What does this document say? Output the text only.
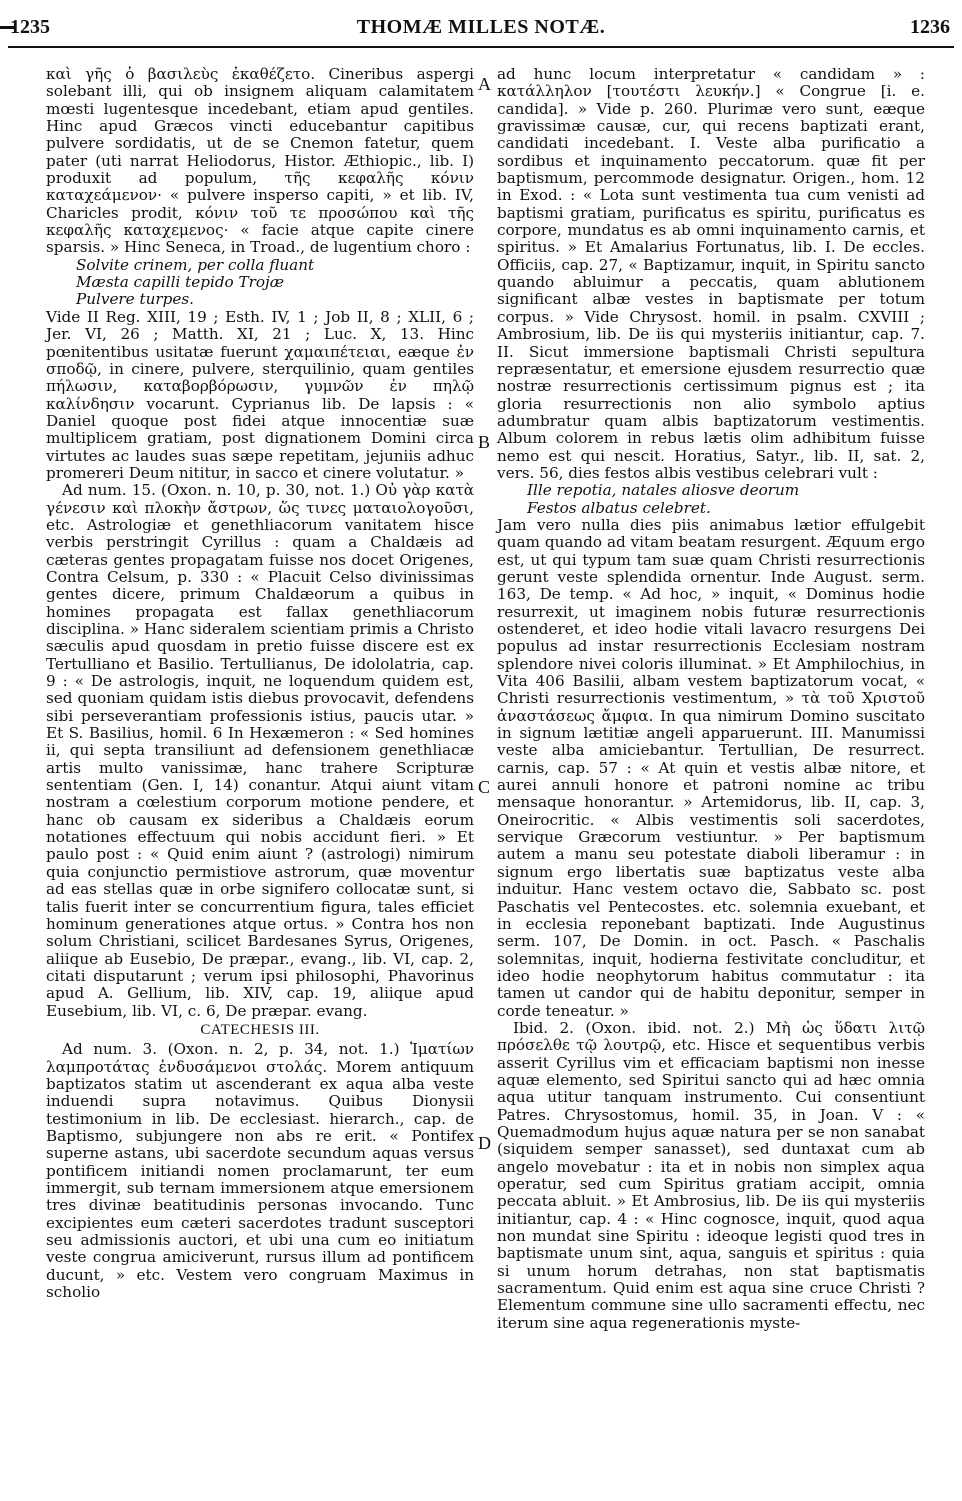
1235	THOMÆ MILLES NOTÆ.	1236
A
B
C
D

καὶ γῆς ὁ βασιλεὺς ἐκαθέζετο. Cineribus aspergi solebant illi, qui ob insignem aliquam calamitatem mœsti lugentesque incedebant, etiam apud gentiles. Hinc apud Græcos vincti educebantur capitibus pulvere sordidatis, ut de se Cnemon fatetur, quem pater (uti narrat Heliodorus, Histor. Æthiopic., lib. I) produxit ad populum, τῆς κεφαλῆς κόνιν καταχεάμενον· « pulvere insperso capiti, » et lib. IV, Charicles prodit, κόνιν τοῦ τε προσώπου καὶ τῆς κεφαλῆς καταχεμενος· « facie atque capite cinere sparsis. » Hinc Seneca, in Troad., de lugentium choro :

Solvite crinem, per colla fluant
Mæsta capilli tepido Trojæ
Pulvere turpes.

Vide II Reg. XIII, 19 ; Esth. IV, 1 ; Job II, 8 ; XLII, 6 ; Jer. VI, 26 ; Matth. XI, 21 ; Luc. X, 13. Hinc pœnitentibus usitatæ fuerunt χαμαιπέτειαι, eæque ἐν σποδῷ, in cinere, pulvere, sterquilinio, quam gentiles πήλωσιν, καταβορβόρωσιν, γυμνῶν ἐν πηλῷ καλίνδησιν vocarunt. Cyprianus lib. De lapsis : « Daniel quoque post fidei atque innocentiæ suæ multiplicem gratiam, post dignationem Domini circa virtutes ac laudes suas sæpe repetitam, jejuniis adhuc promereri Deum nititur, in sacco et cinere volutatur. »

Ad num. 15. (Oxon. n. 10, p. 30, not. 1.) Οὐ γὰρ κατὰ γένεσιν καὶ πλοκὴν ἄστρων, ὥς τινες ματαιολογοῦσι, etc. Astrologiæ et genethliacorum vanitatem hisce verbis perstringit Cyrillus : quam a Chaldæis ad cæteras gentes propagatam fuisse nos docet Origenes, Contra Celsum, p. 330 : « Placuit Celso divinissimas gentes dicere, primum Chaldæorum a quibus in homines propagata est fallax genethliacorum disciplina. » Hanc sideralem scientiam primis a Christo sæculis apud quosdam in pretio fuisse discere est ex Tertulliano et Basilio. Tertullianus, De idololatria, cap. 9 : « De astrologis, inquit, ne loquendum quidem est, sed quoniam quidam istis diebus provocavit, defendens sibi perseverantiam professionis istius, paucis utar. » Et S. Basilius, homil. 6 In Hexæmeron : « Sed homines ii, qui septa transiliunt ad defensionem genethliacæ artis multo vanissimæ, hanc trahere Scripturæ sententiam (Gen. I, 14) conantur. Atqui aiunt vitam nostram a cœlestium corporum motione pendere, et hanc ob causam ex sideribus a Chaldæis eorum notationes effectuum qui nobis accidunt fieri. » Et paulo post : « Quid enim aiunt ? (astrologi) nimirum quia conjunctio permistiove astrorum, quæ moventur ad eas stellas quæ in orbe signifero collocatæ sunt, si talis fuerit inter se concurrentium figura, tales efficiet hominum generationes atque ortus. » Contra hos non solum Christiani, scilicet Bardesanes Syrus, Origenes, aliique ab Eusebio, De præpar., evang., lib. VI, cap. 2, citati disputarunt ; verum ipsi philosophi, Phavorinus apud A. Gellium, lib. XIV, cap. 19, aliique apud Eusebium, lib. VI, c. 6, De præpar. evang.

CATECHESIS III.

Ad num. 3. (Oxon. n. 2, p. 34, not. 1.) Ἱματίων λαμπροτάτας ἐνδυσάμενοι στολάς. Morem antiquum baptizatos statim ut ascenderant ex aqua alba veste induendi supra notavimus. Quibus Dionysii testimonium in lib. De ecclesiast. hierarch., cap. de Baptismo, subjungere non abs re erit. « Pontifex superne astans, ubi sacerdote secundum aquas versus pontificem initiandi nomen proclamarunt, ter eum immergit, sub ternam immersionem atque emersionem tres divinæ beatitudinis personas invocando. Tunc excipientes eum cæteri sacerdotes tradunt susceptori seu admissionis auctori, et ubi una cum eo initiatum veste congrua amiciverunt, rursus illum ad pontificem ducunt, » etc. Vestem vero congruam Maximus in scholio

ad hunc locum interpretatur « candidam » : κατάλληλον [τουτέστι λευκήν.] « Congrue [i. e. candida]. » Vide p. 260. Plurimæ vero sunt, eæque gravissimæ causæ, cur, qui recens baptizati erant, candidati incedebant. I. Veste alba purificatio a sordibus et inquinamento peccatorum. quæ fit per baptismum, percommode designatur. Origen., hom. 12 in Exod. : « Lota sunt vestimenta tua cum venisti ad baptismi gratiam, purificatus es spiritu, purificatus es corpore, mundatus es ab omni inquinamento carnis, et spiritus. » Et Amalarius Fortunatus, lib. I. De eccles. Officiis, cap. 27, « Baptizamur, inquit, in Spiritu sancto quando abluimur a peccatis, quam ablutionem significant albæ vestes in baptismate per totum corpus. » Vide Chrysost. homil. in psalm. CXVIII ; Ambrosium, lib. De iis qui mysteriis initiantur, cap. 7. II. Sicut immersione baptismali Christi sepultura repræsentatur, et emersione ejusdem resurrectio quæ nostræ resurrectionis certissimum pignus est ; ita gloria resurrectionis non alio symbolo aptius adumbratur quam albis baptizatorum vestimentis. Album colorem in rebus lætis olim adhibitum fuisse nemo est qui nescit. Horatius, Satyr., lib. II, sat. 2, vers. 56, dies festos albis vestibus celebrari vult :

Ille repotia, natales aliosve deorum
Festos albatus celebret.

Jam vero nulla dies piis animabus lætior effulgebit quam quando ad vitam beatam resurgent. Æquum ergo est, ut qui typum tam suæ quam Christi resurrectionis gerunt veste splendida ornentur. Inde August. serm. 163, De temp. « Ad hoc, » inquit, « Dominus hodie resurrexit, ut imaginem nobis futuræ resurrectionis ostenderet, et ideo hodie vitali lavacro resurgens Dei populus ad instar resurrectionis Ecclesiam nostram splendore nivei coloris illuminat. » Et Amphilochius, in Vita 406 Basilii, albam vestem baptizatorum vocat, « Christi resurrectionis vestimentum, » τὰ τοῦ Χριστοῦ ἀναστάσεως ἄμφια. In qua nimirum Domino suscitato in signum lætitiæ angeli apparuerunt. III. Manumissi veste alba amiciebantur. Tertullian, De resurrect. carnis, cap. 57 : « At quin et vestis albæ nitore, et aurei annuli honore et patroni nomine ac tribu mensaque honorantur. » Artemidorus, lib. II, cap. 3, Oneirocritic. « Albis vestimentis soli sacerdotes, servique Græcorum vestiuntur. » Per baptismum autem a manu seu potestate diaboli liberamur : in signum ergo libertatis suæ baptizatus veste alba induitur. Hanc vestem octavo die, Sabbato sc. post Paschatis vel Pentecostes. etc. solemnia exuebant, et in ecclesia reponebant baptizati. Inde Augustinus serm. 107, De Domin. in oct. Pasch. « Paschalis solemnitas, inquit, hodierna festivitate concluditur, et ideo hodie neophytorum habitus commutatur : ita tamen ut candor qui de habitu deponitur, semper in corde teneatur. »

Ibid. 2. (Oxon. ibid. not. 2.) Μὴ ὡς ὕδατι λιτῷ πρόσελθε τῷ λουτρῷ, etc. Hisce et sequentibus verbis asserit Cyrillus vim et efficaciam baptismi non inesse aquæ elemento, sed Spiritui sancto qui ad hæc omnia aqua utitur tanquam instrumento. Cui consentiunt Patres. Chrysostomus, homil. 35, in Joan. V : « Quemadmodum hujus aquæ natura per se non sanabat (siquidem semper sanasset), sed duntaxat cum ab angelo movebatur : ita et in nobis non simplex aqua operatur, sed cum Spiritus gratiam accipit, omnia peccata abluit. » Et Ambrosius, lib. De iis qui mysteriis initiantur, cap. 4 : « Hinc cognosce, inquit, quod aqua non mundat sine Spiritu : ideoque legisti quod tres in baptismate unum sint, aqua, sanguis et spiritus : quia si unum horum detrahas, non stat baptismatis sacramentum. Quid enim est aqua sine cruce Christi ? Elementum commune sine ullo sacramenti effectu, nec iterum sine aqua regenerationis myste-
